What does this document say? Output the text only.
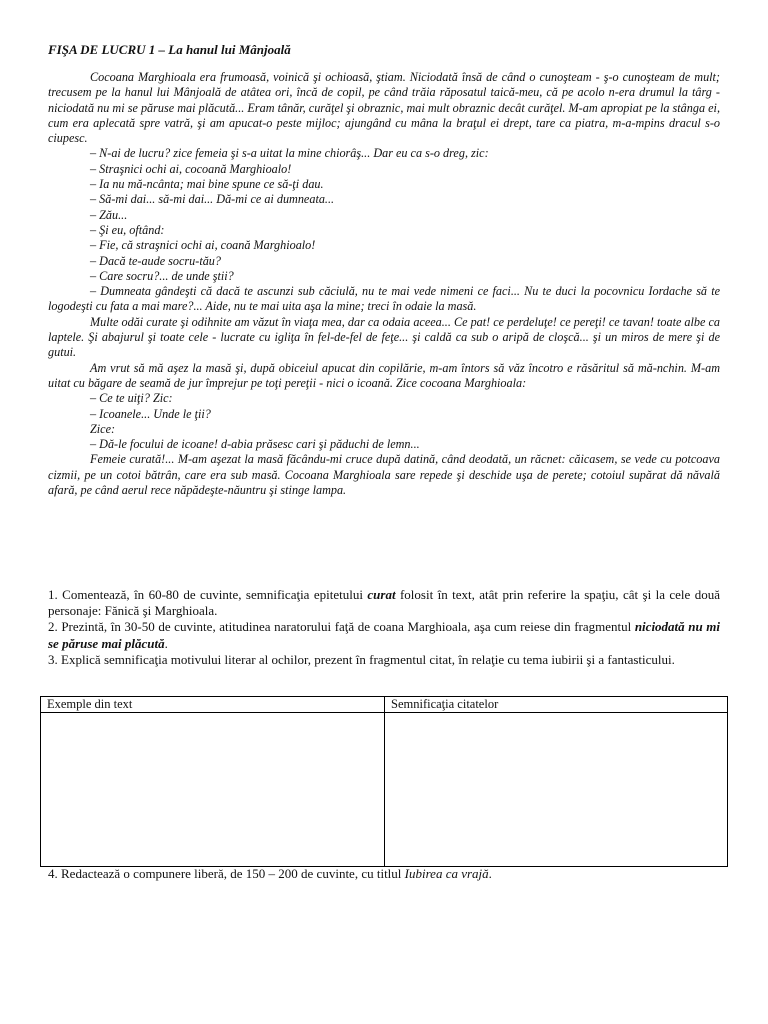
FIŞA DE LUCRU 1 – La hanul lui Mânjoală

Cocoana Marghioala era frumoasă, voinică şi ochioasă, ştiam. Niciodată însă de când o cunoşteam - ş-o cunoşteam de mult; trecusem pe la hanul lui Mânjoală de atâtea ori, încă de copil, pe când trăia răposatul taică-meu, că pe acolo n-era drumul la târg - niciodată nu mi se păruse mai plăcută... Eram tânăr, curăţel şi obraznic, mai mult obraznic decât curăţel. M-am apropiat pe la stânga ei, cum era aplecată spre vatră, şi am apucat-o peste mijloc; ajungând cu mâna la braţul ei drept, tare ca piatra, m-a-mpins dracul s-o ciupesc.

– N-ai de lucru? zice femeia şi s-a uitat la mine chiorâş... Dar eu ca s-o dreg, zic:

– Straşnici ochi ai, cocoană Marghioalo!

– Ia nu mă-ncânta; mai bine spune ce să-ţi dau.

– Să-mi dai... să-mi dai... Dă-mi ce ai dumneata...

– Zău...

– Şi eu, oftând:

– Fie, că straşnici ochi ai, coană Marghioalo!

– Dacă te-aude socru-tău?

– Care socru?... de unde ştii?

– Dumneata gândeşti că dacă te ascunzi sub căciulă, nu te mai vede nimeni ce faci... Nu te duci la pocovnicu Iordache să te logodeşti cu fata a mai mare?... Aide, nu te mai uita aşa la mine; treci în odaie la masă.

Multe odăi curate şi odihnite am văzut în viaţa mea, dar ca odaia aceea... Ce pat! ce perdeluţe! ce pereţi! ce tavan! toate albe ca laptele. Şi abajurul şi toate cele - lucrate cu igliţa în fel-de-fel de feţe... şi caldă ca sub o aripă de cloşcă... şi un miros de mere şi de gutui.

Am vrut să mă aşez la masă şi, după obiceiul apucat din copilărie, m-am întors să văz încotro e răsăritul să mă-nchin. M-am uitat cu băgare de seamă de jur împrejur pe toţi pereţii - nici o icoană. Zice cocoana Marghioala:

– Ce te uiţi? Zic:

– Icoanele... Unde le ţii?

Zice:

– Dă-le focului de icoane! d-abia prăsesc cari şi păduchi de lemn...

Femeie curată!... M-am aşezat la masă făcându-mi cruce după datină, când deodată, un răcnet: căicasem, se vede cu potcoava cizmii, pe un cotoi bătrân, care era sub masă. Cocoana Marghioala sare repede şi deschide uşa de perete; cotoiul supărat dă năvală afară, pe când aerul rece năpădeşte-năuntru şi stinge lampa.

1. Comentează, în 60-80 de cuvinte, semnificaţia epitetului curat folosit în text, atât prin referire la spaţiu, cât şi la cele două personaje: Fănică şi Marghioala.

2. Prezintă, în 30-50 de cuvinte, atitudinea naratorului faţă de coana Marghioala, aşa cum reiese din fragmentul niciodată nu mi se păruse mai plăcută.

3. Explică semnificaţia motivului literar al ochilor, prezent în fragmentul citat, în relaţie cu tema iubirii şi a fantasticului.

Exemple din text	Semnificaţia citatelor
4. Redactează o compunere liberă, de 150 – 200 de cuvinte, cu titlul Iubirea ca vrajă.
